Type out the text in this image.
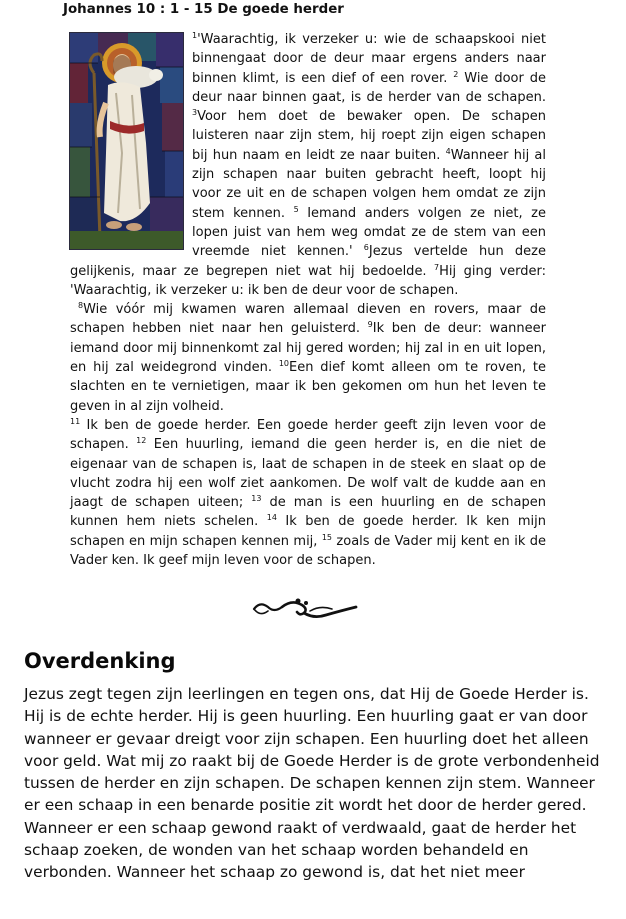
Johannes 10 : 1 - 15 De goede herder

$^1$'Waarachtig, ik verzeker u: wie de schaapskooi niet binnengaat door de deur maar ergens anders naar binnen klimt, is een dief of een rover. $^2$ Wie door de deur naar binnen gaat, is de herder van de schapen. $^3$Voor hem doet de bewaker open. De schapen luisteren naar zijn stem, hij roept zijn eigen schapen bij hun naam en leidt ze naar buiten. $^4$Wanneer hij al zijn schapen naar buiten gebracht heeft, loopt hij voor ze uit en de schapen volgen hem omdat ze zijn stem kennen. $^5$ Iemand anders volgen ze niet, ze lopen juist van hem weg omdat ze de stem van een vreemde niet kennen.' $^6$Jezus vertelde hun deze gelijkenis, maar ze begrepen niet wat hij bedoelde. $^7$Hij ging verder: 'Waarachtig, ik verzeker u: ik ben de deur voor de schapen.

$^8$Wie vóór mij kwamen waren allemaal dieven en rovers, maar de schapen hebben niet naar hen geluisterd. $^9$Ik ben de deur: wanneer iemand door mij binnenkomt zal hij gered worden; hij zal in en uit lopen, en hij zal weidegrond vinden. $^{10}$Een dief komt alleen om te roven, te slachten en te vernietigen, maar ik ben gekomen om hun het leven te geven in al zijn volheid.

$^{11}$ Ik ben de goede herder. Een goede herder geeft zijn leven voor de schapen. $^{12}$ Een huurling, iemand die geen herder is, en die niet de eigenaar van de schapen is, laat de schapen in de steek en slaat op de vlucht zodra hij een wolf ziet aankomen. De wolf valt de kudde aan en jaagt de schapen uiteen; $^{13}$ de man is een huurling en de schapen kunnen hem niets schelen. $^{14}$ Ik ben de goede herder. Ik ken mijn schapen en mijn schapen kennen mij, $^{15}$ zoals de Vader mij kent en ik de Vader ken. Ik geef mijn leven voor de schapen.

Overdenking

Jezus zegt tegen zijn leerlingen en tegen ons, dat Hij de Goede Herder is. Hij is de echte herder. Hij is geen huurling. Een huurling gaat er van door wanneer er gevaar dreigt voor zijn schapen. Een huurling doet het alleen voor geld. Wat mij zo raakt bij de Goede Herder is de grote verbondenheid tussen de herder en zijn schapen. De schapen kennen zijn stem. Wanneer er een schaap in een benarde positie zit wordt het door de herder gered. Wanneer er een schaap gewond raakt of verdwaald, gaat de herder het schaap zoeken, de wonden van het schaap worden behandeld en verbonden. Wanneer het schaap zo gewond is, dat het niet meer
